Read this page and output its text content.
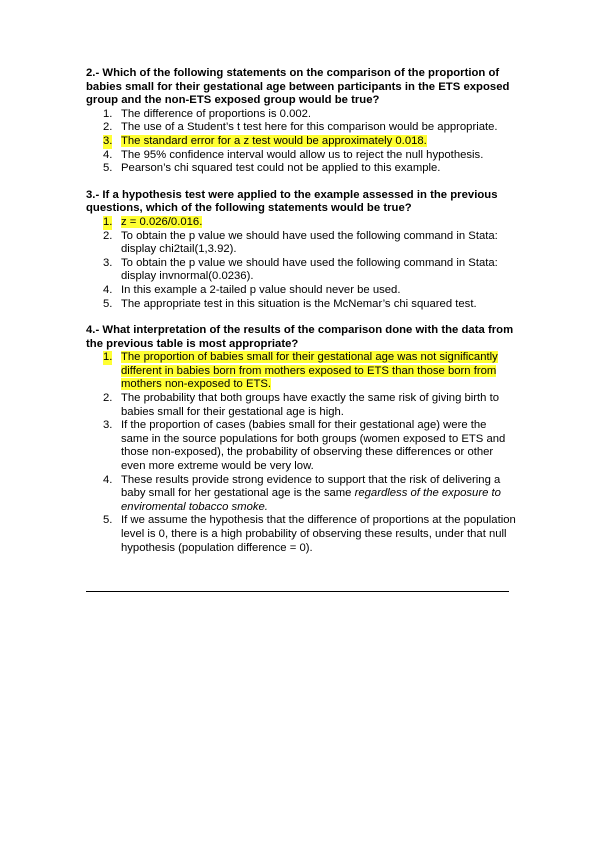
2.- Which of the following statements on the comparison of the proportion of babies small for their gestational age between participants in the ETS exposed group and the non-ETS exposed group would be true?

1. The difference of proportions is 0.002.
2. The use of a Student’s t test here for this comparison would be appropriate.
3. The standard error for a z test would be approximately 0.018.
4. The 95% confidence interval would allow us to reject the null hypothesis.
5. Pearson’s chi squared test could not be applied to this example.

3.- If a hypothesis test were applied to the example assessed in the previous questions, which of the following statements would be true?

1. z = 0.026/0.016.
2. To obtain the p value we should have used the following command in Stata: display chi2tail(1,3.92).
3. To obtain the p value we should have used the following command in Stata: display invnormal(0.0236).
4. In this example a 2-tailed p value should never be used.
5. The appropriate test in this situation is the McNemar’s chi squared test.

4.- What interpretation of the results of the comparison done with the data from the previous table is most appropriate?

1. The proportion of babies small for their gestational age was not significantly different in babies born from mothers exposed to ETS than those born from mothers non-exposed to ETS.
2. The probability that both groups have exactly the same risk of giving birth to babies small for their gestational age is high.
3. If the proportion of cases (babies small for their gestational age) were the same in the source populations for both groups (women exposed to ETS and those non-exposed), the probability of observing these differences or other even more extreme would be very low.
4. These results provide strong evidence to support that the risk of delivering a baby small for her gestational age is the same regardless of the exposure to enviromental tobacco smoke.
5. If we assume the hypothesis that the difference of proportions at the population level is 0, there is a high probability of observing these results, under that null hypothesis (population difference = 0).
